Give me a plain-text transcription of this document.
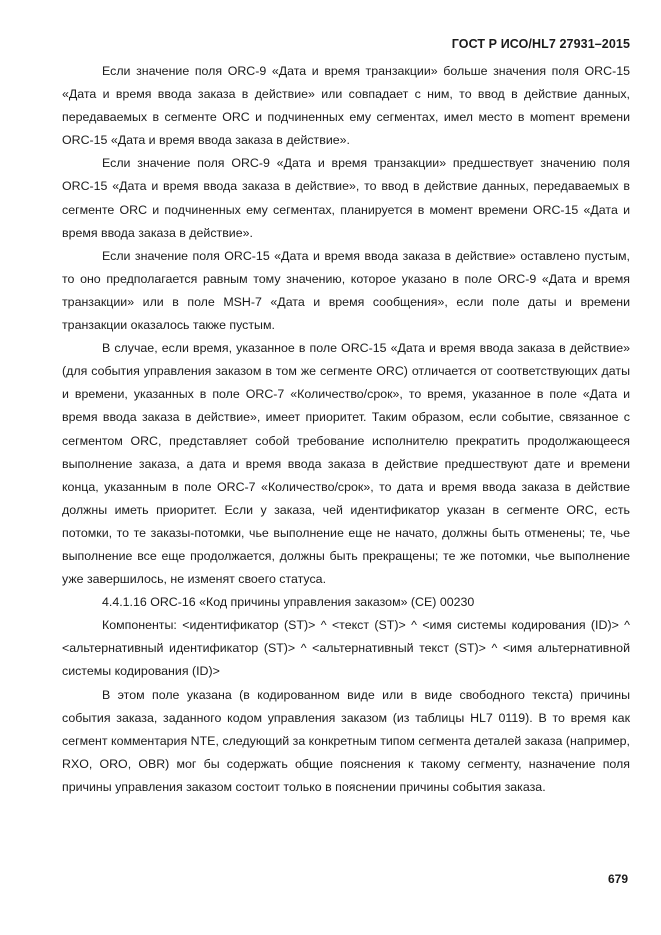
ГОСТ Р ИСО/HL7 27931–2015

Если значение поля ORC-9 «Дата и время транзакции» больше значения поля ORC-15 «Дата и время ввода заказа в действие» или совпадает с ним, то ввод в действие данных, передаваемых в сегменте ORC и подчиненных ему сегментах, имел место в моmент времени ORC-15 «Дата и время ввода заказа в действие».

Если значение поля ORC-9 «Дата и время транзакции» предшествует значению поля ORC-15 «Дата и время ввода заказа в действие», то ввод в действие данных, передаваемых в сегменте ORC и подчиненных ему сегментах, планируется в момент времени ORC-15 «Дата и время ввода заказа в действие».

Если значение поля ORC-15 «Дата и время ввода заказа в действие» оставлено пустым, то оно предполагается равным тому значению, которое указано в поле ORC-9 «Дата и время транзакции» или в поле MSH-7 «Дата и время сообщения», если поле даты и времени транзакции оказалось также пустым.

В случае, если время, указанное в поле ORC-15 «Дата и время ввода заказа в действие» (для события управления заказом в том же сегменте ORC) отличается от соответствующих даты и времени, указанных в поле ORC-7 «Количество/срок», то время, указанное в поле «Дата и время ввода заказа в действие», имеет приоритет. Таким образом, если событие, связанное с сегментом ORC, представляет собой требование исполнителю прекратить продолжающееся выполнение заказа, а дата и время ввода заказа в действие предшествуют дате и времени конца, указанным в поле ORC-7 «Количество/срок», то дата и время ввода заказа в действие должны иметь приоритет. Если у заказа, чей идентификатор указан в сегменте ORC, есть потомки, то те заказы-потомки, чье выполнение еще не начато, должны быть отменены; те, чье выполнение все еще продолжается, должны быть прекращены; те же потомки, чье выполнение уже завершилось, не изменят своего статуса.

4.4.1.16 ORC-16 «Код причины управления заказом» (CE) 00230

Компоненты: <идентификатор (ST)> ^ <текст (ST)> ^ <имя системы кодирования (ID)> ^ <альтернативный идентификатор (ST)> ^ <альтернативный текст (ST)> ^ <имя альтернативной системы кодирования (ID)>

В этом поле указана (в кодированном виде или в виде свободного текста) причины события заказа, заданного кодом управления заказом (из таблицы HL7 0119). В то время как сегмент комментария NTE, следующий за конкретным типом сегмента деталей заказа (например, RXO, ORO, OBR) мог бы содержать общие пояснения к такому сегменту, назначение поля причины управления заказом состоит только в пояснении причины события заказа.

679
